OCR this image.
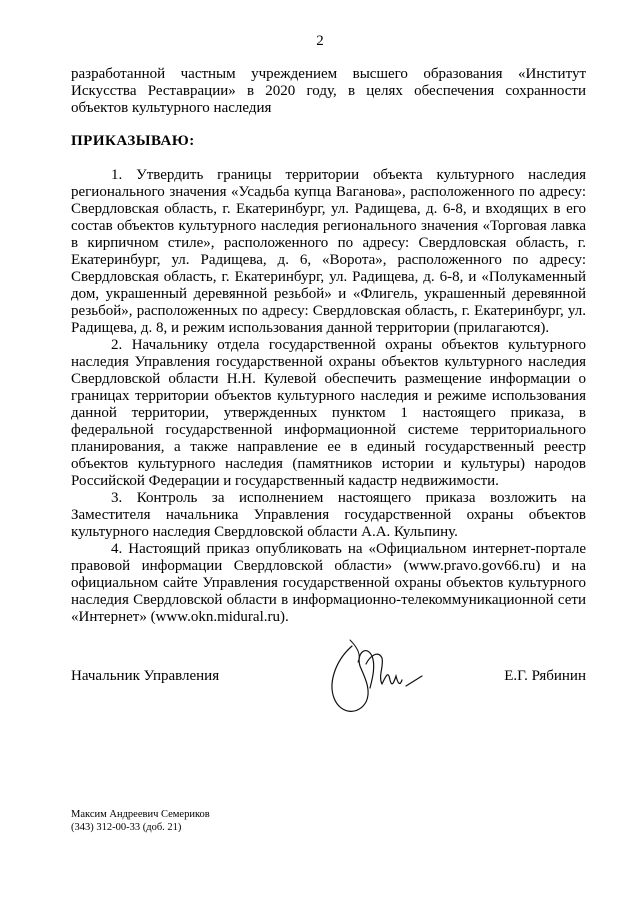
2
разработанной частным учреждением высшего образования «Институт Искусства Реставрации» в 2020 году, в целях обеспечения сохранности объектов культурного наследия
ПРИКАЗЫВАЮ:

1. Утвердить границы территории объекта культурного наследия регионального значения «Усадьба купца Ваганова», расположенного по адресу: Свердловская область, г. Екатеринбург, ул. Радищева, д. 6-8, и входящих в его состав объектов культурного наследия регионального значения «Торговая лавка в кирпичном стиле», расположенного по адресу: Свердловская область, г. Екатеринбург, ул. Радищева, д. 6, «Ворота», расположенного по адресу: Свердловская область, г. Екатеринбург, ул. Радищева, д. 6-8, и «Полукаменный дом, украшенный деревянной резьбой» и «Флигель, украшенный деревянной резьбой», расположенных по адресу: Свердловская область, г. Екатеринбург, ул. Радищева, д. 8, и режим использования данной территории (прилагаются).

2. Начальнику отдела государственной охраны объектов культурного наследия Управления государственной охраны объектов культурного наследия Свердловской области Н.Н. Кулевой обеспечить размещение информации о границах территории объектов культурного наследия и режиме использования данной территории, утвержденных пунктом 1 настоящего приказа, в федеральной государственной информационной системе территориального планирования, а также направление ее в единый государственный реестр объектов культурного наследия (памятников истории и культуры) народов Российской Федерации и государственный кадастр недвижимости.

3. Контроль за исполнением настоящего приказа возложить на Заместителя начальника Управления государственной охраны объектов культурного наследия Свердловской области А.А. Кульпину.

4. Настоящий приказ опубликовать на «Официальном интернет-портале правовой информации Свердловской области» (www.pravo.gov66.ru) и на официальном сайте Управления государственной охраны объектов культурного наследия Свердловской области в информационно-телекоммуникационной сети «Интернет» (www.okn.midural.ru).

Начальник Управления	Е.Г. Рябинин
Максим Андреевич Семериков
(343) 312-00-33 (доб. 21)
